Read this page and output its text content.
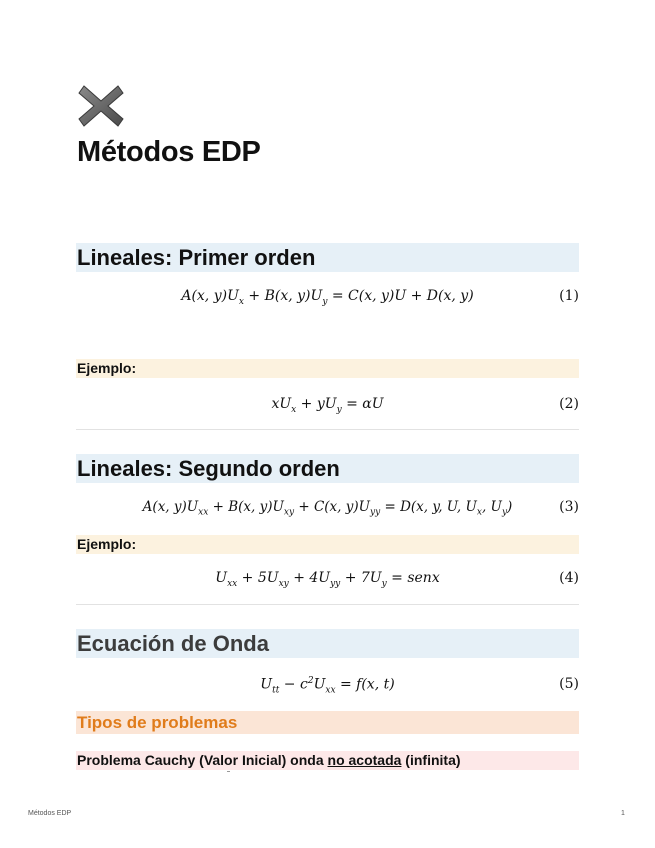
Métodos EDP
Lineales: Primer orden
A(x, $y)U_x + B(x$, $y)U_y = C(x$, y)U + D(x, y)	(1)
Ejemplo:
$xU_x + yU_y = \alpha U$	(2)
Lineales: Segundo orden
A(x, $y)U_{xx} + B(x$, $y)U_{xy} + C(x$, $y)U_{yy} = D(x$, y, U, $U_x$, $U_y$)	(3)
Ejemplo:
$U_{xx} + 5U_{xy} + 4U_{yy} + 7U_y$ = senx	(4)
Ecuación de Onda
$U_{tt} - c^2U_{xx} = f(x$, t)	(5)
Tipos de problemas
Problema Cauchy (Valor Inicial) onda no acotada (infinita)
Métodos EDP	1
